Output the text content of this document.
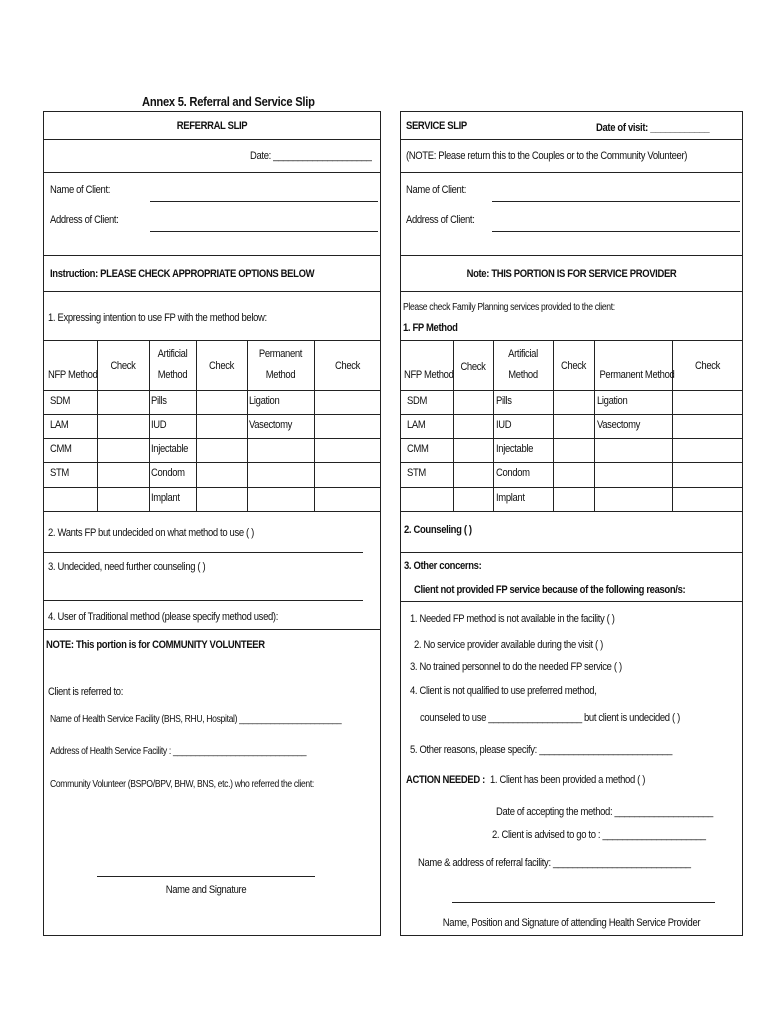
Annex 5. Referral and Service Slip
REFERRAL SLIP
Date: ____________________
Name of Client:
Address of Client:
Instruction: PLEASE CHECK APPROPRIATE OPTIONS BELOW
1. Expressing intention to use FP with the method below:
NFP Method
Check
Artificial
Method
Check
Permanent
Method
Check
SDM
LAM
CMM
STM
Pills
IUD
Injectable
Condom
Implant
Ligation
Vasectomy
2. Wants FP but undecided on what method to use ( )
3. Undecided, need further counseling ( )
4. User of Traditional method (please specify method used):
NOTE: This portion is for COMMUNITY VOLUNTEER
Client is referred to:
Name of Health Service Facility (BHS, RHU, Hospital) _______________________
Address of Health Service Facility : ______________________________
Community Volunteer (BSPO/BPV, BHW, BNS, etc.) who referred the client:
Name and Signature
SERVICE SLIP	Date of visit: ____________
(NOTE: Please return this to the Couples or to the Community Volunteer)
Name of Client:
Address of Client:
Note: THIS PORTION IS FOR SERVICE PROVIDER
Please check Family Planning services provided to the client:
1. FP Method
NFP Method
Check
Artificial
Method
Check
Permanent Method
Check
SDM
LAM
CMM
STM
Pills
IUD
Injectable
Condom
Implant
Ligation
Vasectomy
2. Counseling ( )
3. Other concerns:
Client not provided FP service because of the following reason/s:
1. Needed FP method is not available in the facility ( )
2. No service provider available during the visit ( )
3. No trained personnel to do the needed FP service ( )
4. Client is not qualified to use preferred method,
counseled to use ___________________ but client is undecided ( )
5. Other reasons, please specify: ___________________________
ACTION NEEDED : 1. Client has been provided a method ( )
Date of accepting the method: ____________________
2. Client is advised to go to : _____________________
Name & address of referral facility: ____________________________
Name, Position and Signature of attending Health Service Provider
